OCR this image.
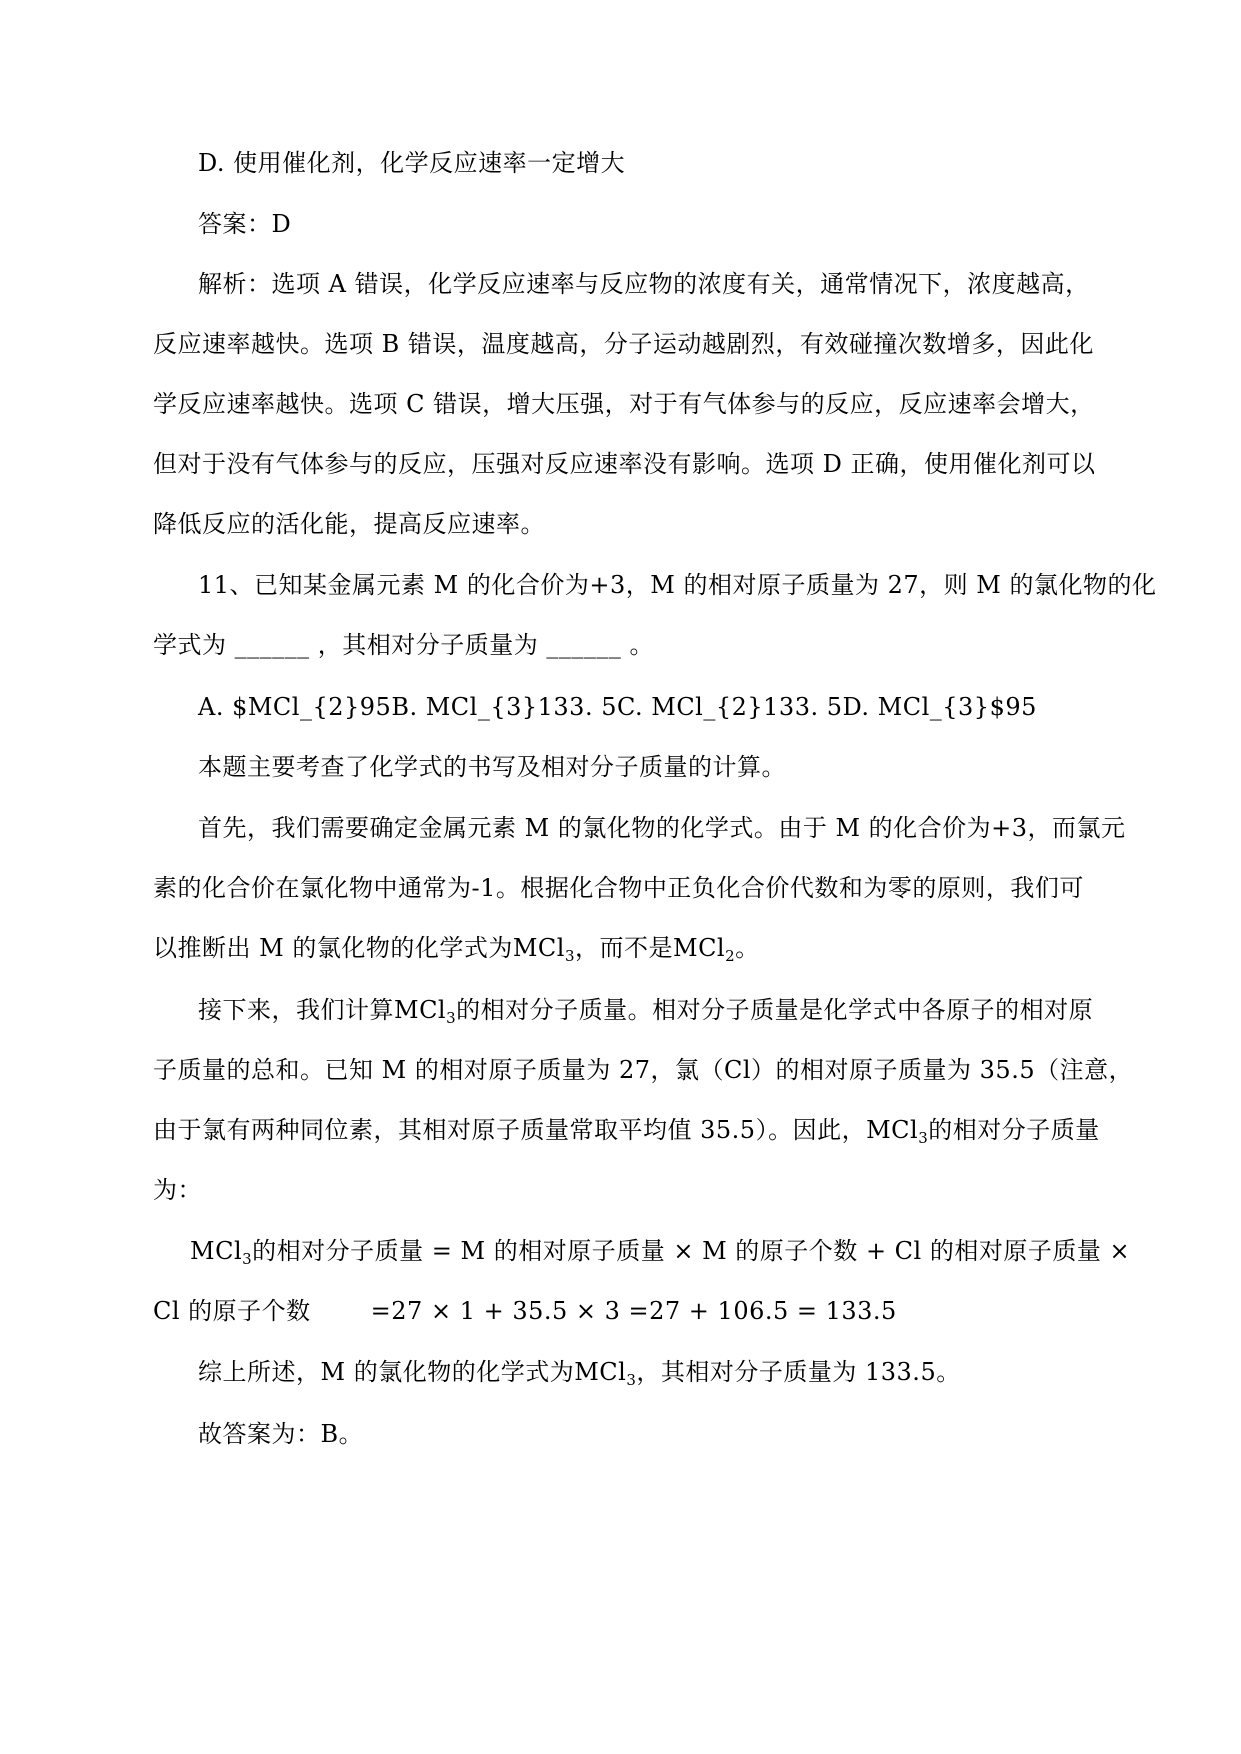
D. 使用催化剂，化学反应速率一定增大
答案：D
解析：选项 A 错误，化学反应速率与反应物的浓度有关，通常情况下，浓度越高，
反应速率越快。选项 B 错误，温度越高，分子运动越剧烈，有效碰撞次数增多，因此化
学反应速率越快。选项 C 错误，增大压强，对于有气体参与的反应，反应速率会增大，
但对于没有气体参与的反应，压强对反应速率没有影响。选项 D 正确，使用催化剂可以
降低反应的活化能，提高反应速率。
11、已知某金属元素 M 的化合价为+3，M 的相对原子质量为 27，则 M 的氯化物的化
学式为 ______ ，其相对分子质量为 ______ 。
A. $MCl_{2}95B. MCl_{3}133. 5C. MCl_{2}133. 5D. MCl_{3}$95
本题主要考查了化学式的书写及相对分子质量的计算。
首先，我们需要确定金属元素 M 的氯化物的化学式。由于 M 的化合价为+3，而氯元
素的化合价在氯化物中通常为-1。根据化合物中正负化合价代数和为零的原则，我们可
以推断出 M 的氯化物的化学式为MCl$_3$，而不是MCl$_2$。
接下来，我们计算MCl$_3$的相对分子质量。相对分子质量是化学式中各原子的相对原
子质量的总和。已知 M 的相对原子质量为 27，氯（Cl）的相对原子质量为 35.5（注意，
由于氯有两种同位素，其相对原子质量常取平均值 35.5）。因此，MCl$_3$的相对分子质量
为：
MCl$_3$的相对分子质量 = M 的相对原子质量 × M 的原子个数 + Cl 的相对原子质量 ×
Cl 的原子个数	=27 × 1 + 35.5 × 3 =27 + 106.5 = 133.5
综上所述，M 的氯化物的化学式为MCl$_3$，其相对分子质量为 133.5。
故答案为：B。
